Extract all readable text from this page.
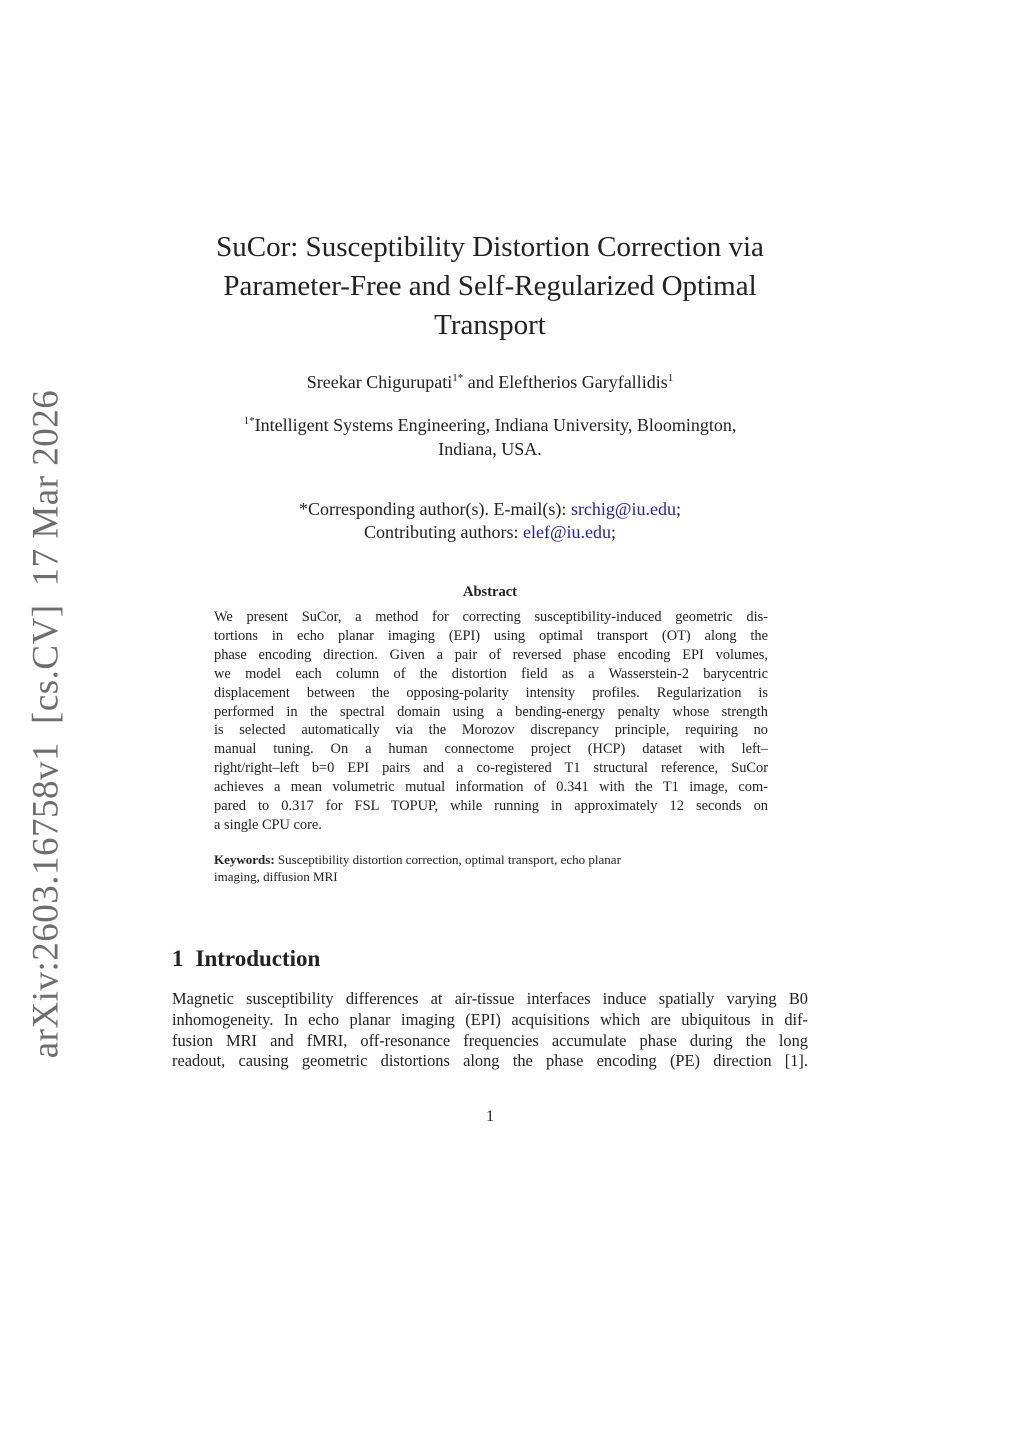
arXiv:2603.16758v1[cs.CV]17 Mar 2026
SuCor: Susceptibility Distortion Correction via
Parameter-Free and Self-Regularized Optimal
Transport
Sreekar Chigurupati$^{1*}$ and Eleftherios Garyfallidis$^1$
$^{1*}$Intelligent Systems Engineering, Indiana University, Bloomington,
Indiana, USA.
*Corresponding author(s). E-mail(s): srchig@iu.edu;
Contributing authors: elef@iu.edu;
Abstract
We present SuCor, a method for correcting susceptibility-induced geometric dis-
tortions in echo planar imaging (EPI) using optimal transport (OT) along the
phase encoding direction. Given a pair of reversed phase encoding EPI volumes,
we model each column of the distortion field as a Wasserstein-2 barycentric
displacement between the opposing-polarity intensity profiles. Regularization is
performed in the spectral domain using a bending-energy penalty whose strength
is selected automatically via the Morozov discrepancy principle, requiring no
manual tuning. On a human connectome project (HCP) dataset with left–
right/right–left b=0 EPI pairs and a co-registered T1 structural reference, SuCor
achieves a mean volumetric mutual information of 0.341 with the T1 image, com-
pared to 0.317 for FSL TOPUP, while running in approximately 12 seconds on
a single CPU core.
Keywords: Susceptibility distortion correction, optimal transport, echo planar
imaging, diffusion MRI
1 Introduction
Magnetic susceptibility differences at air-tissue interfaces induce spatially varying B0
inhomogeneity. In echo planar imaging (EPI) acquisitions which are ubiquitous in dif-
fusion MRI and fMRI, off-resonance frequencies accumulate phase during the long
readout, causing geometric distortions along the phase encoding (PE) direction [1].
1
